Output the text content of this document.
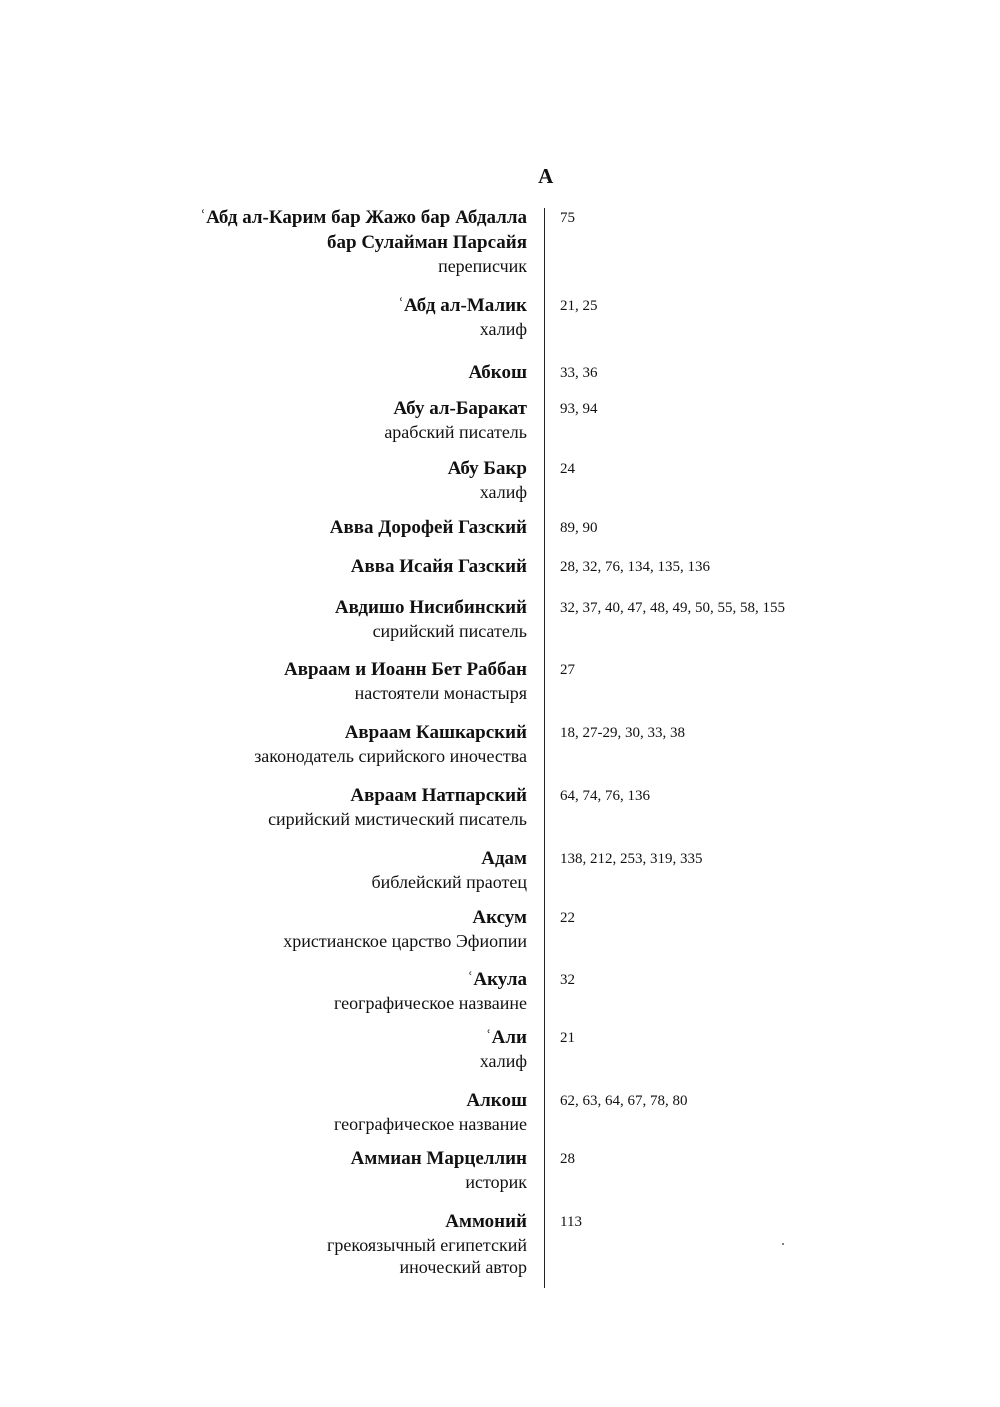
А
ʿАбд ал-Карим бар Жажо бар Абдалла
бар Сулайман Парсайя
переписчик
75
ʿАбд ал-Малик
халиф
21, 25
Абкош 33, 36
Абу ал-Баракат
арабский писатель
93, 94
Абу Бакр
халиф
24
Авва Дорофей Газский 89, 90
Авва Исайя Газский 28, 32, 76, 134, 135, 136
Авдишо Нисибинский
сирийский писатель
32, 37, 40, 47, 48, 49, 50, 55, 58, 155
Авраам и Иоанн Бет Раббан
настоятели монастыря
27
Авраам Кашкарский
законодатель сирийского иночества
18, 27-29, 30, 33, 38
Авраам Натпарский
сирийский мистический писатель
64, 74, 76, 136
Адам
библейский праотец
138, 212, 253, 319, 335
Аксум
христианское царство Эфиопии
22
ʿАкула
географическое назваине
32
ʿАли
халиф
21
Алкош
географическое название
62, 63, 64, 67, 78, 80
Аммиан Марцеллин
историк
28
Аммоний
грекоязычный египетский
иноческий автор
113
